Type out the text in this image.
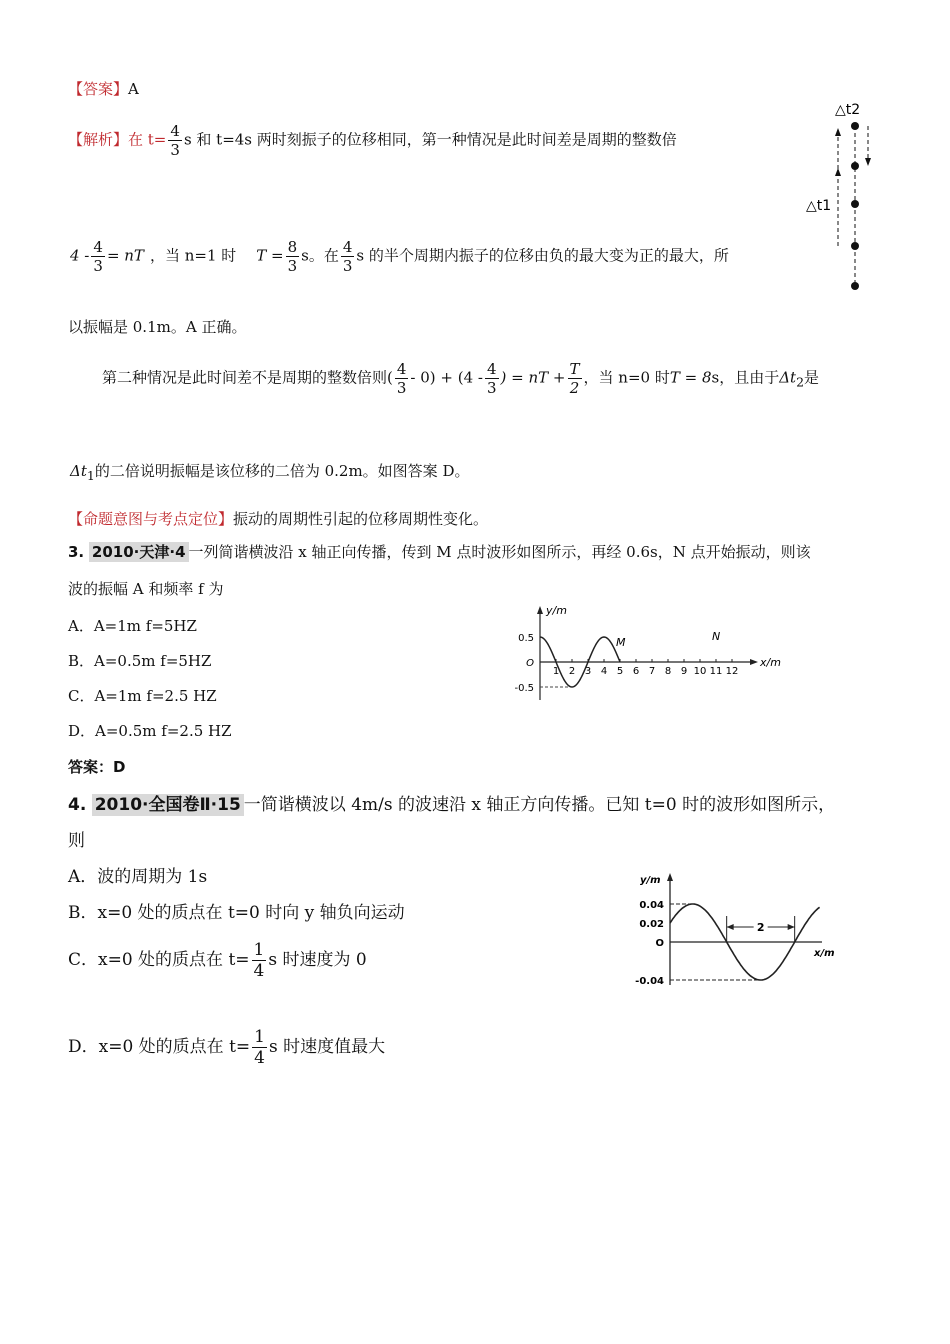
【答案】A
【解析】在 $t= \frac{4}{3}$ s 和 t=4s 两时刻振子的位移相同，第一种情况是此时间差是周期的整数倍
$4 - \frac{4}{3}$ = nT ，当 n=1 时 $T = \frac{8}{3}$ s。在 $\frac{4}{3}$ s 的半个周期内振子的位移由负的最大变为正的最大，所
以振幅是 0.1m。A 正确。
第二种情况是此时间差不是周期的整数倍则( $\frac{4}{3} - 0) + (4 - \frac{4}{3}$ ) = nT + $\frac{T}{2}$ ，当 n=0 时T = 8s，且由于$\Delta t_2$是
$\Delta t_1$的二倍说明振幅是该位移的二倍为 0.2m。如图答案 D。
【命题意图与考点定位】振动的周期性引起的位移周期性变化。
△t2
△t1
3. 2010·天津·4 一列简谐横波沿 x 轴正向传播，传到 M 点时波形如图所示，再经 0.6s，N 点开始振动，则该
波的振幅 A 和频率 f 为
A．A=1m f=5HZ
B．A=0.5m f=5HZ
C．A=1m f=2.5 HZ
D．A=0.5m f=2.5 HZ
答案：D
y/m
x/m
1 2 3 4 5 6 7 8 9 10 11 12
0.5
O
-0.5
M	N
4. 2010·全国卷Ⅱ·15 一简谐横波以 4m/s 的波速沿 x 轴正方向传播。已知 t=0 时的波形如图所示，
则
A．波的周期为 1s
B．x=0 处的质点在 t=0 时向 y 轴负向运动
C．x=0 处的质点在 $t= \frac{1}{4}$ s 时速度为 0
D．x=0 处的质点在 $t= \frac{1}{4}$ s 时速度值最大
y/m
x/m
0.04
0.02
O
-0.04
2
